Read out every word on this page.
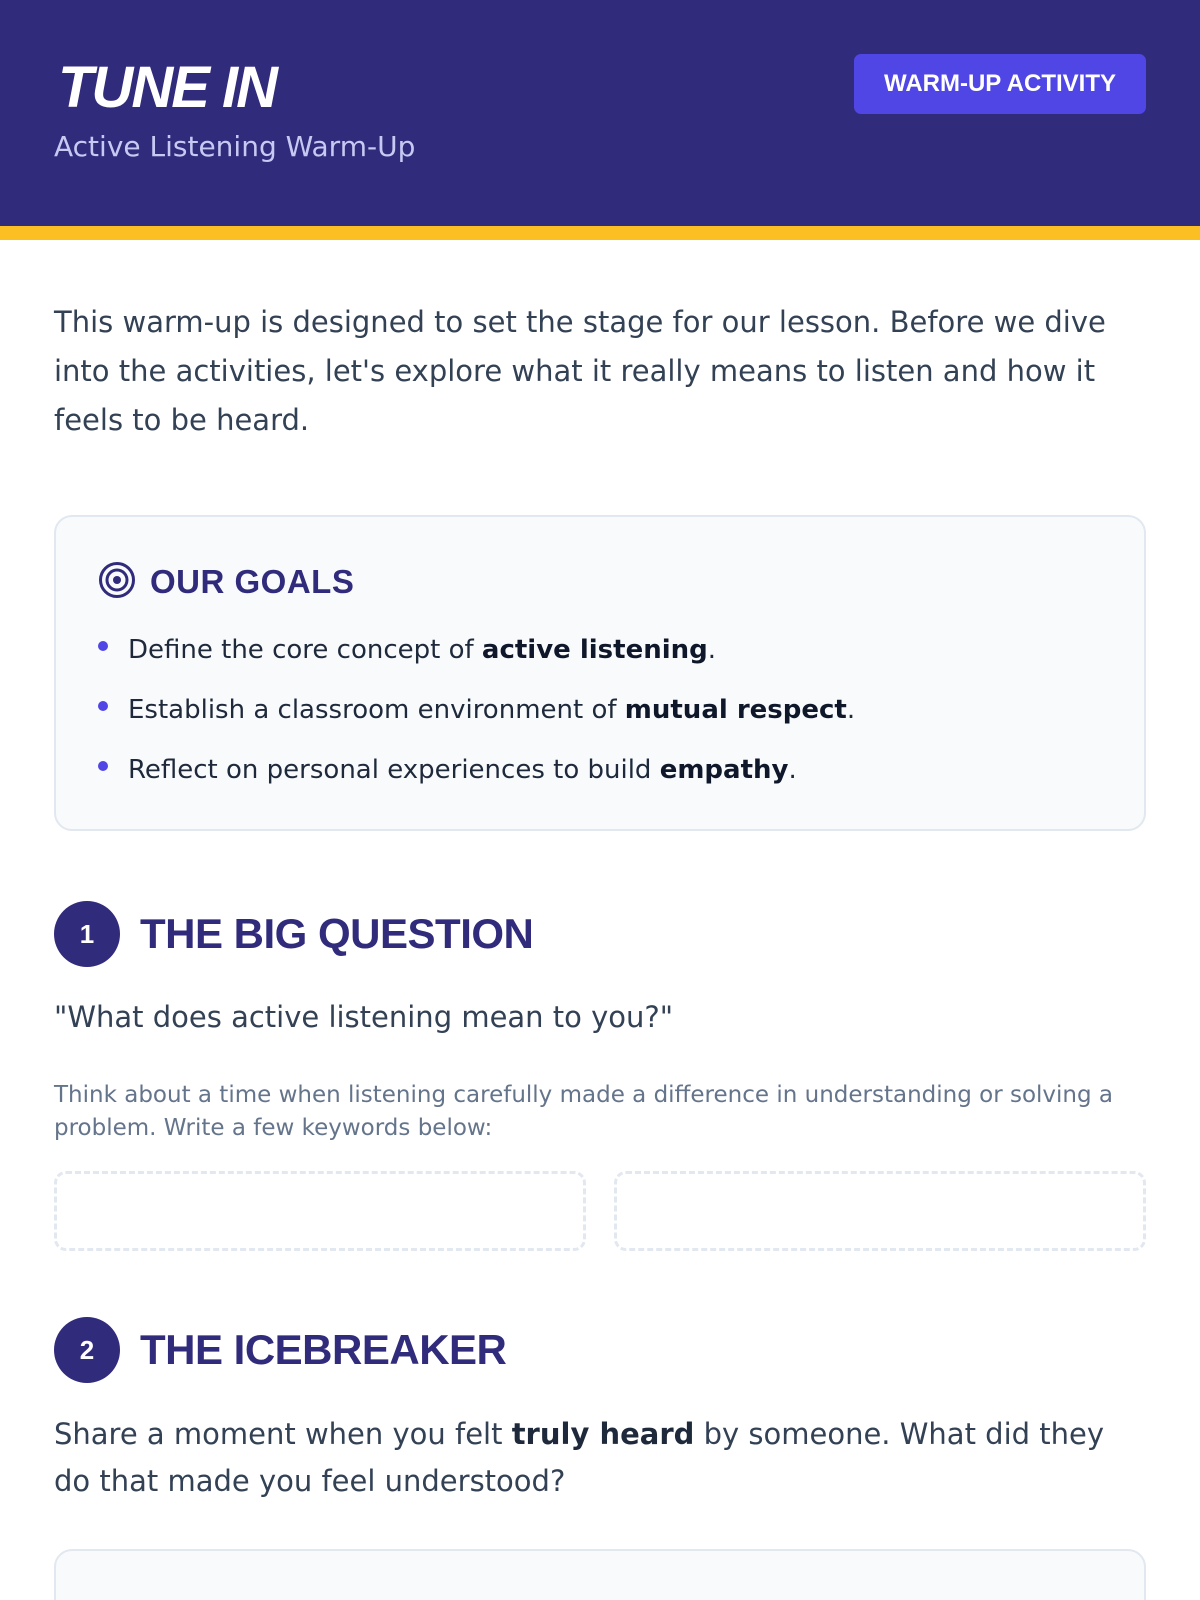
TUNE IN
Active Listening Warm-Up
WARM-UP ACTIVITY

This warm-up is designed to set the stage for our lesson. Before we dive into the activities, let's explore what it really means to listen and how it feels to be heard.

OUR GOALS
Define the core concept of active listening.
Establish a classroom environment of mutual respect.
Reflect on personal experiences to build empathy.
1	THE BIG QUESTION

"What does active listening mean to you?"

Think about a time when listening carefully made a difference in understanding or solving a problem. Write a few keywords below:

2	THE ICEBREAKER

Share a moment when you felt truly heard by someone. What did they do that made you feel understood?
